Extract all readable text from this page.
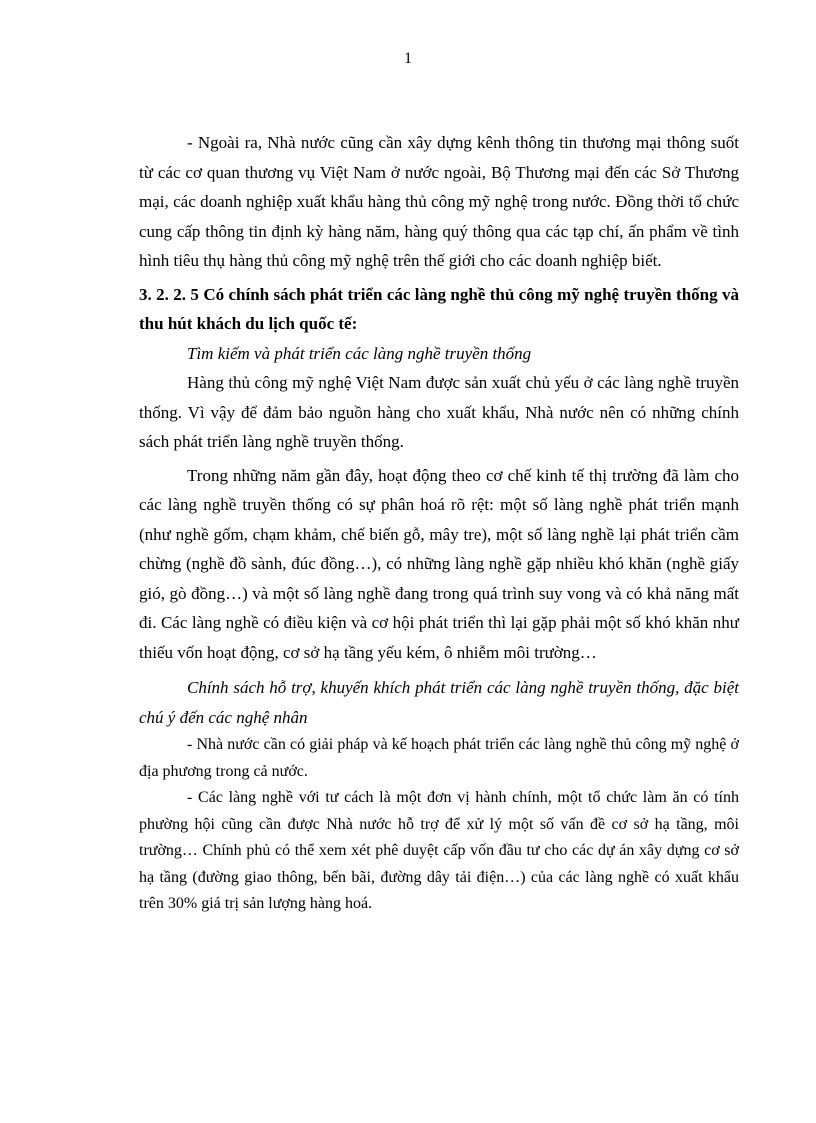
1

- Ngoài ra, Nhà nước cũng cần xây dựng kênh thông tin thương mại thông suốt từ các cơ quan thương vụ Việt Nam ở nước ngoài, Bộ Thương mại đến các Sở Thương mại, các doanh nghiệp xuất khẩu hàng thủ công mỹ nghệ trong nước. Đồng thời tổ chức cung cấp thông tin định kỳ hàng năm, hàng quý thông qua các tạp chí, ấn phẩm về tình hình tiêu thụ hàng thủ công mỹ nghệ trên thế giới cho các doanh nghiệp biết.

3. 2. 2. 5 Có chính sách phát triển các làng nghề thủ công mỹ nghệ truyền thống và thu hút khách du lịch quốc tế:

Tìm kiếm và phát triển các làng nghề truyền thống

Hàng thủ công mỹ nghệ Việt Nam được sản xuất chủ yếu ở các làng nghề truyền thống. Vì vậy để đảm bảo nguồn hàng cho xuất khẩu, Nhà nước nên có những chính sách phát triển làng nghề truyền thống.

Trong những năm gần đây, hoạt động theo cơ chế kinh tế thị trường đã làm cho các làng nghề truyền thống có sự phân hoá rõ rệt: một số làng nghề phát triển mạnh (như nghề gốm, chạm khảm, chế biến gỗ, mây tre), một số làng nghề lại phát triển cầm chừng (nghề đồ sành, đúc đồng…), có những làng nghề gặp nhiều khó khăn (nghề giấy gió, gò đồng…) và một số làng nghề đang trong quá trình suy vong và có khả năng mất đi. Các làng nghề có điều kiện và cơ hội phát triển thì lại gặp phải một số khó khăn như thiếu vốn hoạt động, cơ sở hạ tầng yếu kém, ô nhiễm môi trường…

Chính sách hỗ trợ, khuyến khích phát triển các làng nghề truyền thống, đặc biệt chú ý đến các nghệ nhân

- Nhà nước cần có giải pháp và kế hoạch phát triển các làng nghề thủ công mỹ nghệ ở địa phương trong cả nước.

- Các làng nghề với tư cách là một đơn vị hành chính, một tổ chức làm ăn có tính phường hội cũng cần được Nhà nước hỗ trợ để xử lý một số vấn đề cơ sở hạ tầng, môi trường… Chính phủ có thể xem xét phê duyệt cấp vốn đầu tư cho các dự án xây dựng cơ sở hạ tầng (đường giao thông, bến bãi, đường dây tải điện…) của các làng nghề có xuất khẩu trên 30% giá trị sản lượng hàng hoá.
